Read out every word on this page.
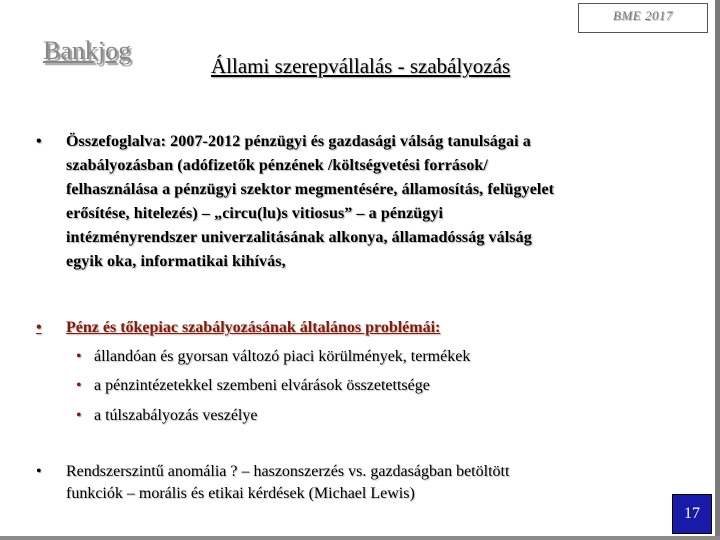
BME 2017
Bankjog
Állami szerepvállalás - szabályozás
•	Összefoglalva: 2007-2012 pénzügyi és gazdasági válság tanulságai a
szabályozásban (adófizetők pénzének /költségvetési források/
felhasználása a pénzügyi szektor megmentésére, államosítás, felügyelet
erősítése, hitelezés) – „circu(lu)s vitiosus” – a pénzügyi
intézményrendszer univerzalitásának alkonya, államadósság válság
egyik oka, informatikai kihívás,
•	Pénz és tőkepiac szabályozásának általános problémái:
• állandóan és gyorsan változó piaci körülmények, termékek
• a pénzintézetekkel szembeni elvárások összetettsége
• a túlszabályozás veszélye
•	Rendszerszintű anomália ? – haszonszerzés vs. gazdaságban betöltött
funkciók – morális és etikai kérdések (Michael Lewis)
17
